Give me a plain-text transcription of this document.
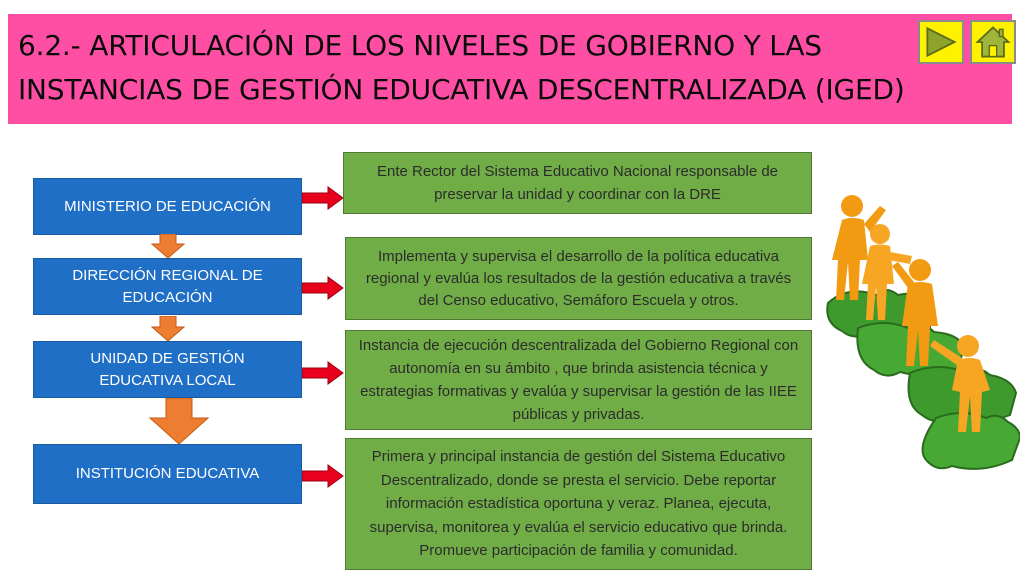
6.2.- ARTICULACIÓN DE LOS NIVELES DE GOBIERNO Y LAS INSTANCIAS DE GESTIÓN EDUCATIVA DESCENTRALIZADA (IGED)
MINISTERIO DE EDUCACIÓN
DIRECCIÓN REGIONAL DE EDUCACIÓN
UNIDAD DE GESTIÓN EDUCATIVA LOCAL
INSTITUCIÓN EDUCATIVA
Ente Rector del Sistema Educativo Nacional responsable de preservar la unidad y coordinar con la DRE
Implementa y supervisa el desarrollo de la política educativa regional y evalúa los resultados de la gestión educativa a través del Censo educativo, Semáforo Escuela y otros.
Instancia de ejecución descentralizada del Gobierno Regional con autonomía en su ámbito , que brinda asistencia técnica y estrategias formativas y evalúa y supervisar la gestión de las IIEE públicas y privadas.
Primera y principal instancia de gestión del Sistema Educativo Descentralizado, donde se presta el servicio. Debe reportar información estadística oportuna y veraz. Planea, ejecuta, supervisa, monitorea y evalúa el servicio educativo que brinda. Promueve participación de familia y comunidad.
